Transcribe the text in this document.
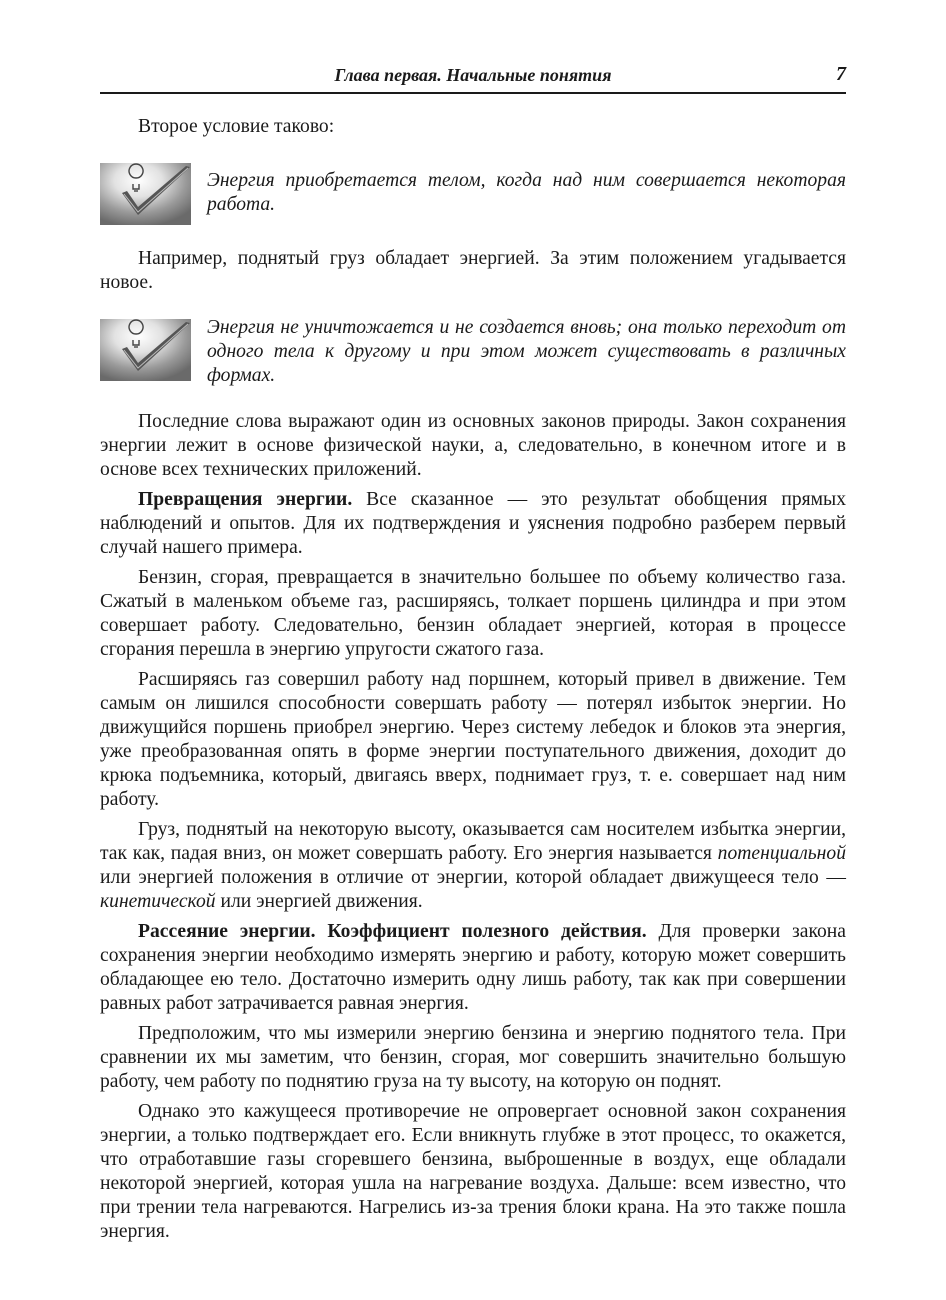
Глава первая. Начальные понятия	7

Второе условие таково:

Энергия приобретается телом, когда над ним совершается некоторая работа.

Например, поднятый груз обладает энергией. За этим положением угадывается новое.

Энергия не уничтожается и не создается вновь; она только переходит от одного тела к другому и при этом может существовать в различных формах.

Последние слова выражают один из основных законов природы. Закон сохранения энергии лежит в основе физической науки, а, следовательно, в конечном итоге и в основе всех технических приложений.

Превращения энергии. Все сказанное — это результат обобщения прямых наблюдений и опытов. Для их подтверждения и уяснения подробно разберем первый случай нашего примера.

Бензин, сгорая, превращается в значительно большее по объему количество газа. Сжатый в маленьком объеме газ, расширяясь, толкает поршень цилиндра и при этом совершает работу. Следовательно, бензин обладает энергией, которая в процессе сгорания перешла в энергию упругости сжатого газа.

Расширяясь газ совершил работу над поршнем, который привел в движение. Тем самым он лишился способности совершать работу — потерял избыток энергии. Но движущийся поршень приобрел энергию. Через систему лебедок и блоков эта энергия, уже преобразованная опять в форме энергии поступательного движения, доходит до крюка подъемника, который, двигаясь вверх, поднимает груз, т. е. совершает над ним работу.

Груз, поднятый на некоторую высоту, оказывается сам носителем избытка энергии, так как, падая вниз, он может совершать работу. Его энергия называется потенциальной или энергией положения в отличие от энергии, которой обладает движущееся тело — кинетической или энергией движения.

Рассеяние энергии. Коэффициент полезного действия. Для проверки закона сохранения энергии необходимо измерять энергию и работу, которую может совершить обладающее ею тело. Достаточно измерить одну лишь работу, так как при совершении равных работ затрачивается равная энергия.

Предположим, что мы измерили энергию бензина и энергию поднятого тела. При сравнении их мы заметим, что бензин, сгорая, мог совершить значительно большую работу, чем работу по поднятию груза на ту высоту, на которую он поднят.

Однако это кажущееся противоречие не опровергает основной закон сохранения энергии, а только подтверждает его. Если вникнуть глубже в этот процесс, то окажется, что отработавшие газы сгоревшего бензина, выброшенные в воздух, еще обладали некоторой энергией, которая ушла на нагревание воздуха. Дальше: всем известно, что при трении тела нагреваются. Нагрелись из-за трения блоки крана. На это также пошла энергия.
